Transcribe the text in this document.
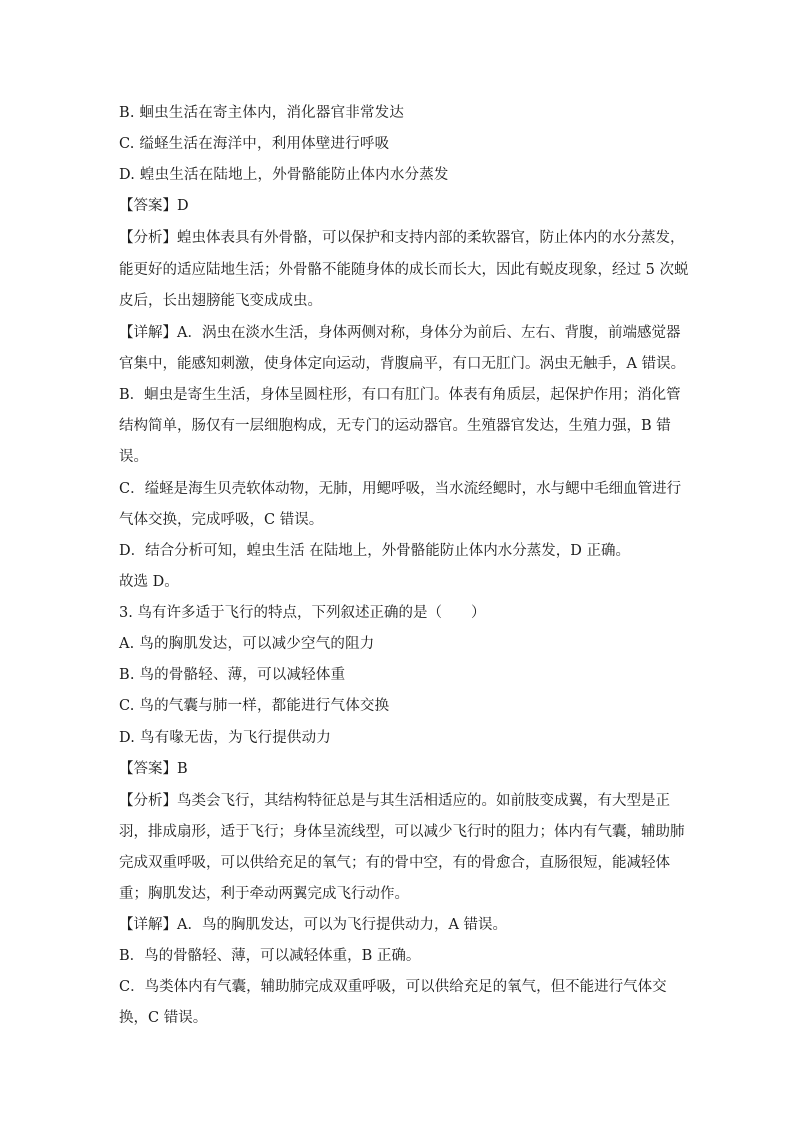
B. 蛔虫生活在寄主体内，消化器官非常发达
C. 缢蛏生活在海洋中，利用体壁进行呼吸
D. 蝗虫生活在陆地上，外骨骼能防止体内水分蒸发
【答案】D
【分析】蝗虫体表具有外骨骼，可以保护和支持内部的柔软器官，防止体内的水分蒸发，
能更好的适应陆地生活；外骨骼不能随身体的成长而长大，因此有蜕皮现象，经过 5 次蜕
皮后，长出翅膀能飞变成成虫。
【详解】A．涡虫在淡水生活，身体两侧对称，身体分为前后、左右、背腹，前端感觉器
官集中，能感知刺激，使身体定向运动，背腹扁平，有口无肛门。涡虫无触手，A 错误。
B．蛔虫是寄生生活，身体呈圆柱形，有口有肛门。体表有角质层，起保护作用；消化管
结构简单，肠仅有一层细胞构成，无专门的运动器官。生殖器官发达，生殖力强，B 错
误。
C．缢蛏是海生贝壳软体动物，无肺，用鳃呼吸，当水流经鳃时，水与鳃中毛细血管进行
气体交换，完成呼吸，C 错误。
D．结合分析可知，蝗虫生活 在陆地上，外骨骼能防止体内水分蒸发，D 正确。
故选 D。
3. 鸟有许多适于飞行的特点，下列叙述正确的是（　　）
A. 鸟的胸肌发达，可以减少空气的阻力
B. 鸟的骨骼轻、薄，可以减轻体重
C. 鸟的气囊与肺一样，都能进行气体交换
D. 鸟有喙无齿，为飞行提供动力
【答案】B
【分析】鸟类会飞行，其结构特征总是与其生活相适应的。如前肢变成翼，有大型是正
羽，排成扇形，适于飞行；身体呈流线型，可以减少飞行时的阻力；体内有气囊，辅助肺
完成双重呼吸，可以供给充足的氧气；有的骨中空，有的骨愈合，直肠很短，能减轻体
重；胸肌发达，利于牵动两翼完成飞行动作。
【详解】A．鸟的胸肌发达，可以为飞行提供动力，A 错误。
B．鸟的骨骼轻、薄，可以减轻体重，B 正确。
C．鸟类体内有气囊，辅助肺完成双重呼吸，可以供给充足的氧气，但不能进行气体交
换，C 错误。
